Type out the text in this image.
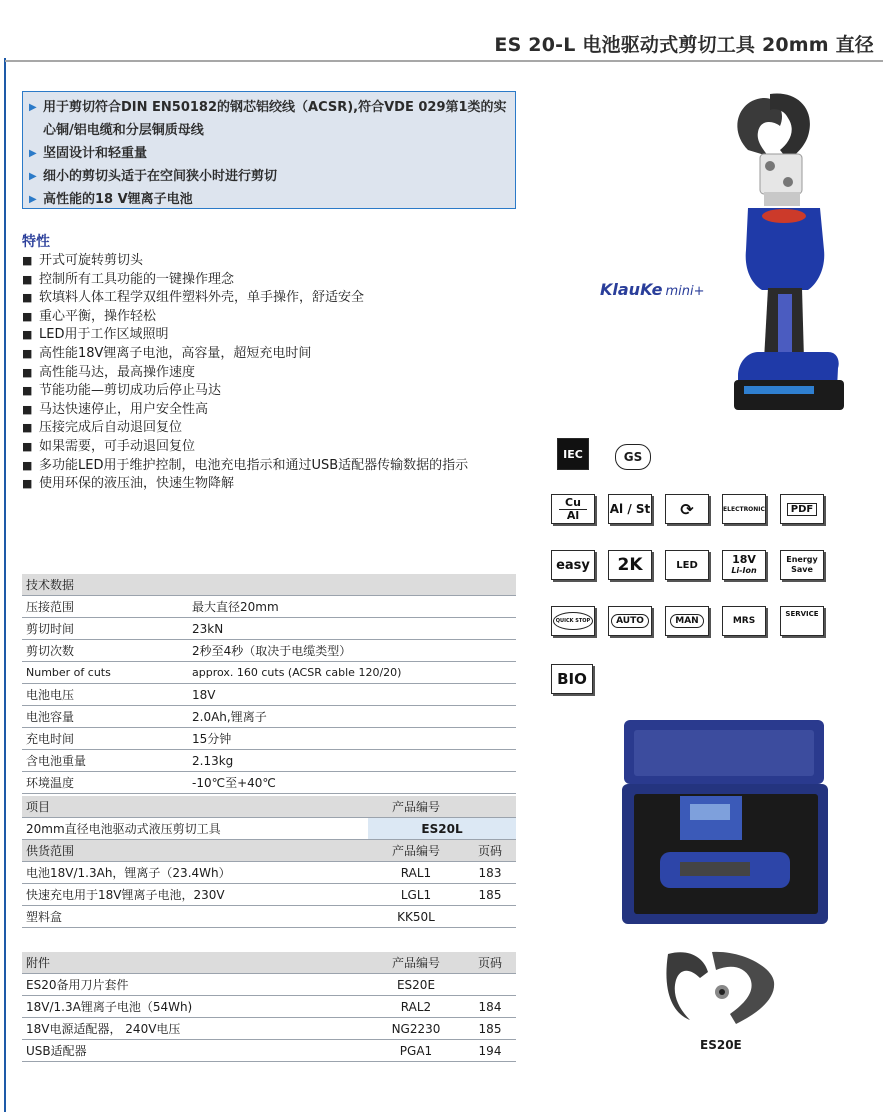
ES 20-L 电池驱动式剪切工具 20mm 直径
▶ 用于剪切符合DIN EN50182的钢芯铝绞线（ACSR),符合VDE 029第1类的实心铜/铝电缆和分层铜质母线
▶ 坚固设计和轻重量
▶ 细小的剪切头适于在空间狭小时进行剪切
▶ 高性能的18 V锂离子电池
特性
■ 开式可旋转剪切头
■ 控制所有工具功能的一键操作理念
■ 软填料人体工程学双组件塑料外壳，单手操作，舒适安全
■ 重心平衡，操作轻松
■ LED用于工作区域照明
■ 高性能18V锂离子电池，高容量，超短充电时间
■ 高性能马达，最高操作速度
■ 节能功能—剪切成功后停止马达
■ 马达快速停止，用户安全性高
■ 压接完成后自动退回复位
■ 如果需要，可手动退回复位
■ 多功能LED用于维护控制，电池充电指示和通过USB适配器传输数据的指示
■ 使用环保的液压油，快速生物降解
技术数据
压接范围	最大直径20mm
剪切时间	23kN
剪切次数	2秒至4秒（取决于电缆类型）
Number of cuts	approx. 160 cuts (ACSR cable 120/20)
电池电压	18V
电池容量	2.0Ah,锂离子
充电时间	15分钟
含电池重量	2.13kg
环境温度	-10℃至+40℃
项目	产品编号
20mm直径电池驱动式液压剪切工具	ES20L
供货范围	产品编号	页码
电池18V/1.3Ah，锂离子（23.4Wh）	RAL1	183
快速充电用于18V锂离子电池，230V	LGL1	185
塑料盒	KK50L
附件	产品编号	页码
ES20备用刀片套件	ES20E
18V/1.3A锂离子电池（54Wh)	RAL2	184
18V电源适配器， 240V电压	NG2230	185
USB适配器	PGA1	194
KlauKe mini+
IEC	GS
Cu
Al	Al / St	⟳	ELECTRONIC	PDF
easy 2K	LED	18V
Li-Ion
Energy
Save
QUICK STOP	AUTO	MAN	MRS
SERVICE
BIO
ES20E
